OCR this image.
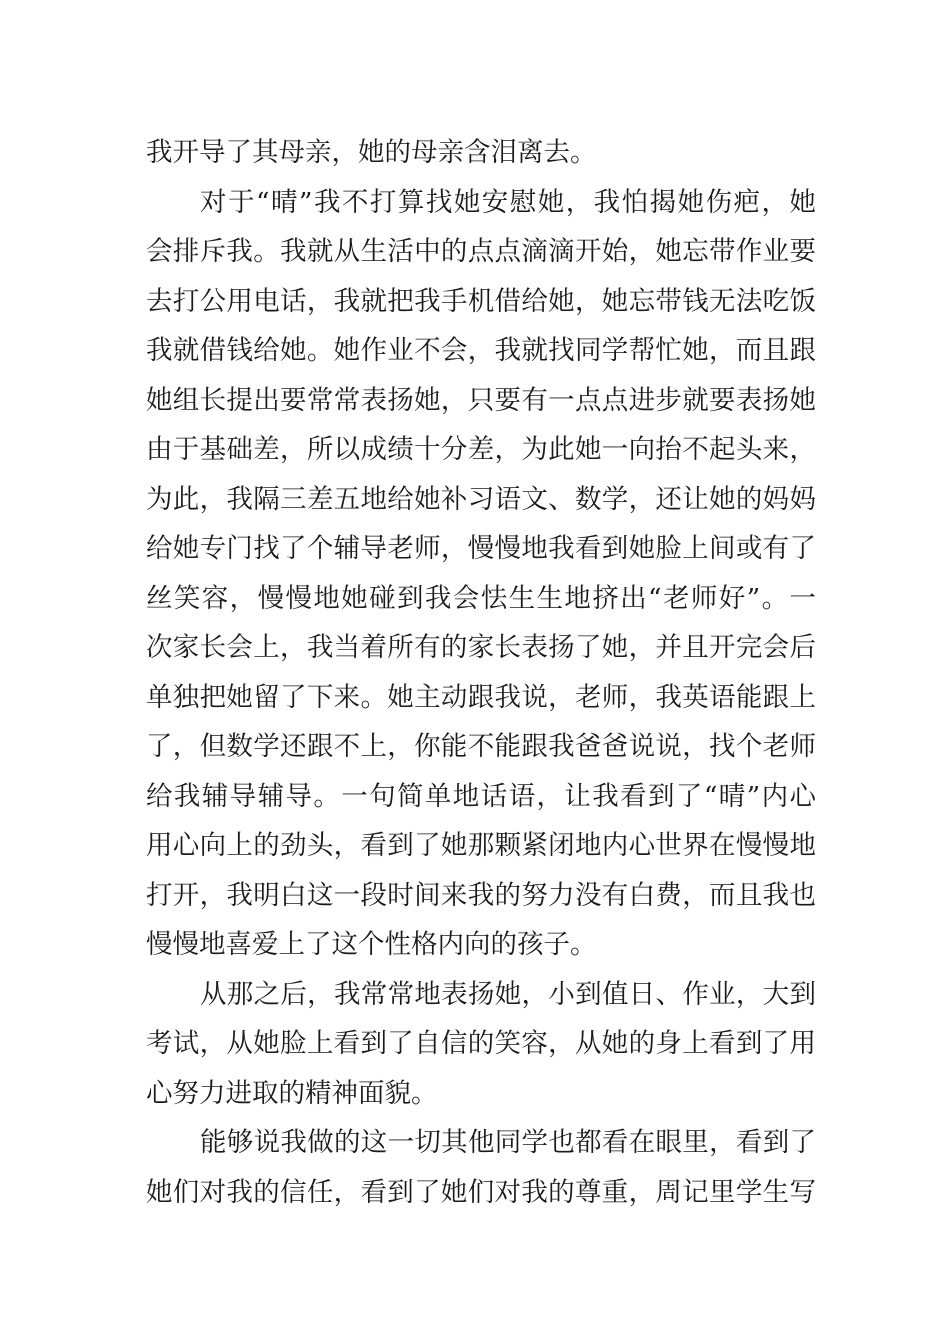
我开导了其母亲，她的母亲含泪离去。
对于“晴”我不打算找她安慰她，我怕揭她伤疤，她
会排斥我。我就从生活中的点点滴滴开始，她忘带作业要
去打公用电话，我就把我手机借给她，她忘带钱无法吃饭
我就借钱给她。她作业不会，我就找同学帮忙她，而且跟
她组长提出要常常表扬她，只要有一点点进步就要表扬她
由于基础差，所以成绩十分差，为此她一向抬不起头来，
为此，我隔三差五地给她补习语文、数学，还让她的妈妈
给她专门找了个辅导老师，慢慢地我看到她脸上间或有了
丝笑容，慢慢地她碰到我会怯生生地挤出“老师好”。一
次家长会上，我当着所有的家长表扬了她，并且开完会后
单独把她留了下来。她主动跟我说，老师，我英语能跟上
了，但数学还跟不上，你能不能跟我爸爸说说，找个老师
给我辅导辅导。一句简单地话语，让我看到了“晴”内心
用心向上的劲头，看到了她那颗紧闭地内心世界在慢慢地
打开，我明白这一段时间来我的努力没有白费，而且我也
慢慢地喜爱上了这个性格内向的孩子。
从那之后，我常常地表扬她，小到值日、作业，大到
考试，从她脸上看到了自信的笑容，从她的身上看到了用
心努力进取的精神面貌。
能够说我做的这一切其他同学也都看在眼里，看到了
她们对我的信任，看到了她们对我的尊重，周记里学生写
